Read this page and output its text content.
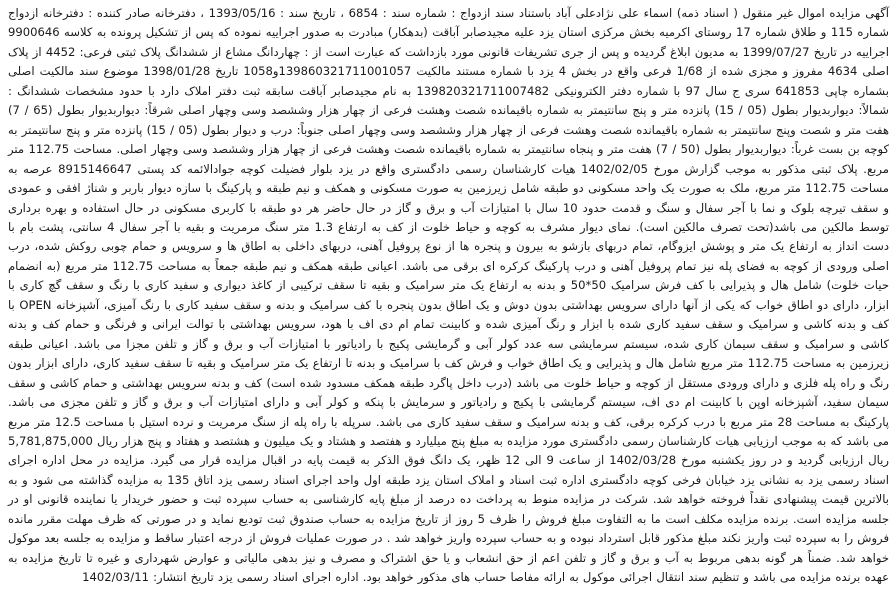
آگهی مزایده اموال غیر منقول ( اسناد ذمه) اسماء علی نژادعلی آباد باستناد سند ازدواج : شماره سند : 6854 ، تاریخ سند : 1393/05/16 ، دفترخانه صادر کننده : دفترخانه ازدواج شماره 115 و طلاق شماره 17 روستای اکرمیه بخش مرکزی استان یزد علیه مجیدصابر آباقت (بدهکار) مبادرت به صدور اجراییه نموده که پس از تشکیل پرونده به کلاسه 9900646 اجراییه در تاریخ 1399/07/27 به مدیون ابلاغ گردیده و پس از جری تشریفات قانونی مورد بازداشت که عبارت است از : چهاردانگ مشاع از ششدانگ پلاک ثبتی فرعی: 4452 از پلاک اصلی 4634 مفروز و مجزی شده از 1/68 فرعی واقع در بخش 4 یزد با شماره مستند مالکیت 139860321711001057و1058 تاریخ 1398/01/28 موضوع سند مالکیت اصلی بشماره چاپی 641853 سری ج سال 97 با شماره دفتر الکترونیکی 139820321711007482 به نام مجیدصابر آباقت سابقه ثبت دفتر املاک دارد با حدود مشخصات ششدانگ : شمالاً: دیواربدیوار بطول (05 / 15) پانزده متر و پنج سانتیمتر به شماره باقیمانده شصت وهشت فرعی از چهار هزار وششصد وسی وچهار اصلی شرقاً: دیواربدیوار بطول (65 / 7) هفت متر و شصت وپنج سانتیمتر به شماره باقیمانده شصت وهشت فرعی از چهار هزار وششصد وسی وچهار اصلی جنوباً: درب و دیوار بطول (05 / 15) پانزده متر و پنج سانتیمتر به کوچه بن بست غرباً: دیواربدیوار بطول (50 / 7) هفت متر و پنجاه سانتیمتر به شماره باقیمانده شصت وهشت فرعی از چهار هزار وششصد وسی وچهار اصلی. مساحت 112.75 متر مربع. پلاک ثبتی مذکور به موجب گزارش مورخ 1402/02/05 هیات کارشناسان رسمی دادگستری واقع در یزد بلوار فضیلت کوچه جوادالائمه کد پستی 8915146647 عرصه به مساحت 112.75 متر مربع، ملک به صورت یک واحد مسکونی دو طبقه شامل زیرزمین به صورت مسکونی و همکف و نیم طبقه و پارکینگ با سازه دیوار باربر و شناژ افقی و عمودی و سقف تیرچه بلوک و نما با آجر سفال و سنگ و قدمت حدود 10 سال با امتیازات آب و برق و گاز در حال حاضر هر دو طبقه با کاربری مسکونی در حال استفاده و بهره برداری توسط مالکین می باشد(تحت تصرف مالکین است). نمای دیوار مشرف به کوچه و حیاط خلوت از کف به ارتفاع 1.3 متر سنگ مرمریت و بقیه با آجر سفال 4 سانتی، پشت بام با دست انداز به ارتفاع یک متر و پوشش ایزوگام، تمام دربهای بازشو به بیرون و پنجره ها از نوع پروفیل آهنی، دربهای داخلی به اطاق ها و سرویس و حمام چوبی روکش شده، درب اصلی ورودی از کوچه به فضای پله نیز تمام پروفیل آهنی و درب پارکینگ کرکره ای برقی می باشد. اعیانی طبقه همکف و نیم طبقه جمعاً به مساحت 112.75 متر مربع (به انضمام حیات خلوت) شامل هال و پذیرایی با کف فرش سرامیک 50*50 و بدنه به ارتفاع یک متر سرامیک و بقیه تا سقف ترکیبی از کاغذ دیواری و سفید کاری با رنگ و سقف گچ کاری با ابزار، دارای دو اطاق خواب که یکی از آنها دارای سرویس بهداشتی بدون دوش و یک اطاق بدون پنجره با کف سرامیک و بدنه و سقف سفید کاری با رنگ آمیزی، آشپزخانه OPEN با کف و بدنه کاشی و سرامیک و سقف سفید کاری شده با ابزار و رنگ آمیزی شده و کابینت تمام ام دی اف با هود، سرویس بهداشتی با توالت ایرانی و فرنگی و حمام کف و بدنه کاشی و سرامیک و سقف سیمان کاری شده، سیستم سرمایشی سه عدد کولر آبی و گرمایشی پکیج با رادیاتور با امتیازات آب و برق و گاز و تلفن مجزا می باشد. اعیانی طبقه زیرزمین به مساحت 112.75 متر مربع شامل هال و پذیرایی و یک اطاق خواب و فرش کف با سرامیک و بدنه تا ارتفاع یک متر سرامیک و بقیه تا سقف سفید کاری، دارای ابزار بدون رنگ و راه پله فلزی و دارای ورودی مستقل از کوچه و حیاط خلوت می باشد (درب داخل پاگرد طبقه همکف مسدود شده است) کف و بدنه سرویس بهداشتی و حمام کاشی و سقف سیمان سفید، آشپزخانه اوپن با کابینت ام دی اف، سیستم گرمایشی با پکیج و رادیاتور و سرمایش با پنکه و کولر آبی و دارای امتیازات آب و برق و گاز و تلفن مجزی می باشد. پارکینگ به مساحت 28 متر مربع با درب کرکره برقی، کف و بدنه سرامیک و سقف سفید کاری می باشد. سرپله با راه پله از سنگ مرمریت و نرده استیل با مساحت 12.5 متر مربع می باشد که به موجب ارزیابی هیات کارشناسان رسمی دادگستری مورد مزایده به مبلغ پنج میلیارد و هفتصد و هشتاد و یک میلیون و هشتصد و هفتاد و پنج هزار ریال 5,781,875,000 ریال ارزیابی گردید و در روز یکشنبه مورخ 1402/03/28 از ساعت 9 الی 12 ظهر، یک دانگ فوق الذکر به قیمت پایه در اقبال مزایده قرار می گیرد. مزایده در محل اداره اجرای اسناد رسمی یزد به نشانی یزد خیابان فرخی کوچه دادگستری اداره ثبت اسناد و املاک استان یزد طبقه اول واحد اجرای اسناد رسمی یزد اتاق 135 به مزایده گذاشته می شود و به بالاترین قیمت پیشنهادی نقداً فروخته خواهد شد. شرکت در مزایده منوط به پرداخت ده درصد از مبلغ پایه کارشناسی به حساب سپرده ثبت و حضور خریدار یا نماینده قانونی او در جلسه مزایده است. برنده مزایده مکلف است ما به التفاوت مبلغ فروش را ظرف 5 روز از تاریخ مزایده به حساب صندوق ثبت تودیع نماید و در صورتی که ظرف مهلت مقرر مانده فروش را به سپرده ثبت واریز نکند مبلغ مذکور قابل استرداد نبوده و به حساب سپرده واریز خواهد شد . در صورت عملیات فروش از درجه اعتبار ساقط و مزایده به جلسه بعد موکول خواهد شد. ضمناً هر گونه بدهی مربوط به آب و برق و گاز و تلفن اعم از حق انشعاب و یا حق اشتراک و مصرف و نیز بدهی مالیاتی و عوارض شهرداری و غیره تا تاریخ مزایده به عهده برنده مزایده می باشد و تنظیم سند انتقال اجرائی موکول به ارائه مفاصا حساب های مذکور خواهد بود. اداره اجرای اسناد رسمی یزد تاریخ انتشار: 1402/03/11
